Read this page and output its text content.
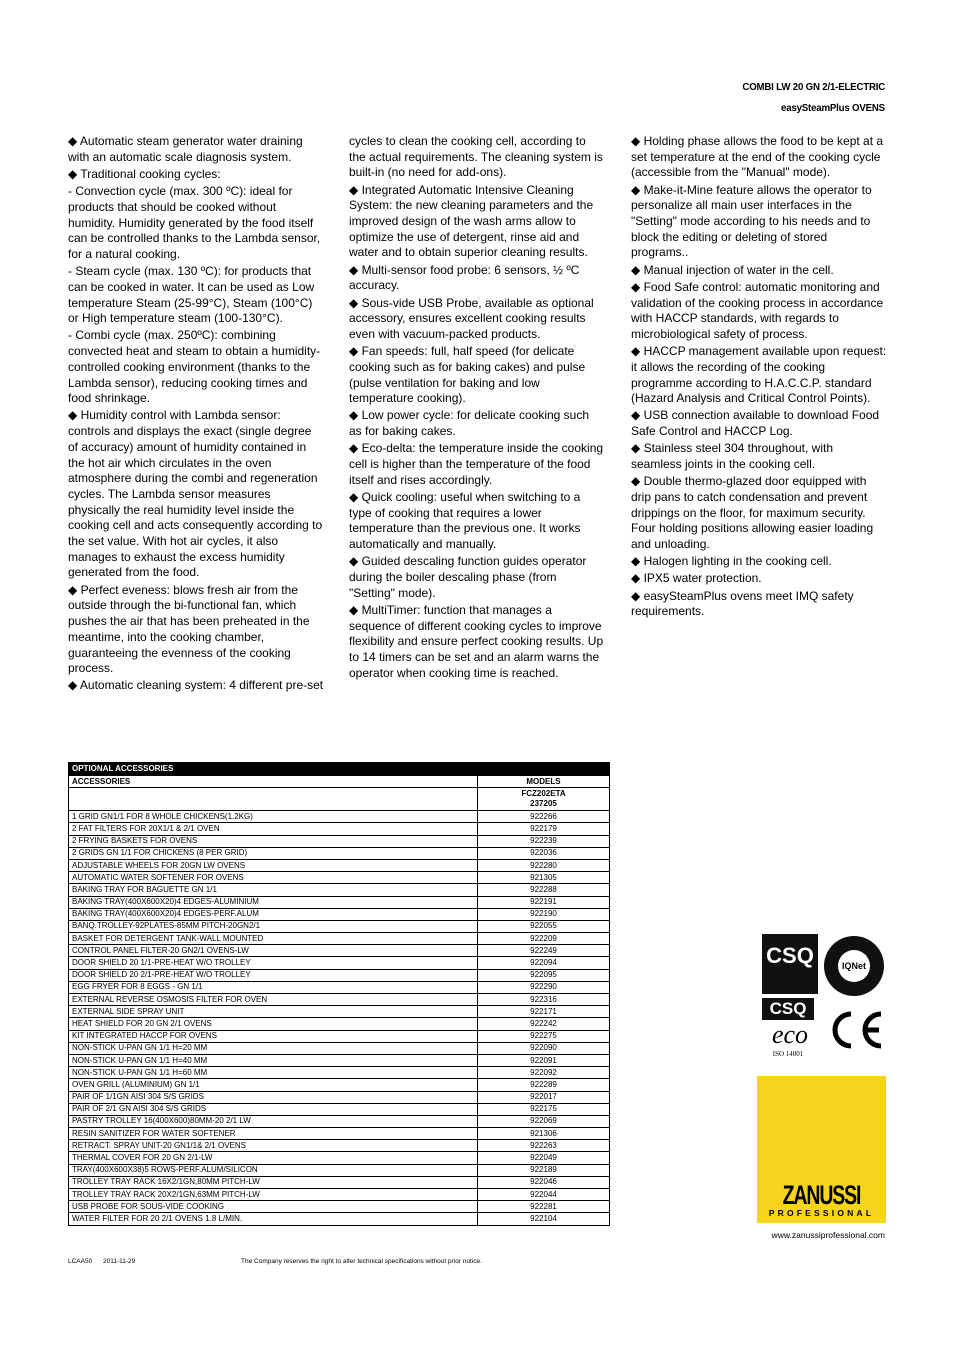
COMBI LW 20 GN 2/1-ELECTRIC
easySteamPlus OVENS

◆ Automatic steam generator water draining with an automatic scale diagnosis system.

◆ Traditional cooking cycles:

- Convection cycle (max. 300 ºC): ideal for products that should be cooked without humidity. Humidity generated by the food itself can be controlled thanks to the Lambda sensor, for a natural cooking.

- Steam cycle (max. 130 ºC): for products that can be cooked in water. It can be used as Low temperature Steam (25-99°C), Steam (100°C) or High temperature steam (100-130°C).

- Combi cycle (max. 250ºC): combining convected heat and steam to obtain a humidity-controlled cooking environment (thanks to the Lambda sensor), reducing cooking times and food shrinkage.

◆ Humidity control with Lambda sensor: controls and displays the exact (single degree of accuracy) amount of humidity contained in the hot air which circulates in the oven atmosphere during the combi and regeneration cycles. The Lambda sensor measures physically the real humidity level inside the cooking cell and acts consequently according to the set value. With hot air cycles, it also manages to exhaust the excess humidity generated from the food.

◆ Perfect eveness: blows fresh air from the outside through the bi-functional fan, which pushes the air that has been preheated in the meantime, into the cooking chamber, guaranteeing the evenness of the cooking process.

◆ Automatic cleaning system: 4 different pre-set

cycles to clean the cooking cell, according to the actual requirements. The cleaning system is built-in (no need for add-ons).

◆ Integrated Automatic Intensive Cleaning System: the new cleaning parameters and the improved design of the wash arms allow to optimize the use of detergent, rinse aid and water and to obtain superior cleaning results.

◆ Multi-sensor food probe: 6 sensors, ½ ºC accuracy.

◆ Sous-vide USB Probe, available as optional accessory, ensures excellent cooking results even with vacuum-packed products.

◆ Fan speeds: full, half speed (for delicate cooking such as for baking cakes) and pulse (pulse ventilation for baking and low temperature cooking).

◆ Low power cycle: for delicate cooking such as for baking cakes.

◆ Eco-delta: the temperature inside the cooking cell is higher than the temperature of the food itself and rises accordingly.

◆ Quick cooling: useful when switching to a type of cooking that requires a lower temperature than the previous one. It works automatically and manually.

◆ Guided descaling function guides operator during the boiler descaling phase (from "Setting" mode).

◆ MultiTimer: function that manages a sequence of different cooking cycles to improve flexibility and ensure perfect cooking results. Up to 14 timers can be set and an alarm warns the operator when cooking time is reached.

◆ Holding phase allows the food to be kept at a set temperature at the end of the cooking cycle (accessible from the "Manual" mode).

◆ Make-it-Mine feature allows the operator to personalize all main user interfaces in the "Setting" mode according to his needs and to block the editing or deleting of stored programs..

◆ Manual injection of water in the cell.

◆ Food Safe control: automatic monitoring and validation of the cooking process in accordance with HACCP standards, with regards to microbiological safety of process.

◆ HACCP management available upon request: it allows the recording of the cooking programme according to H.A.C.C.P. standard (Hazard Analysis and Critical Control Points).

◆ USB connection available to download Food Safe Control and HACCP Log.

◆ Stainless steel 304 throughout, with seamless joints in the cooking cell.

◆ Double thermo-glazed door equipped with drip pans to catch condensation and prevent drippings on the floor, for maximum security. Four holding positions allowing easier loading and unloading.

◆ Halogen lighting in the cooking cell.

◆ IPX5 water protection.

◆ easySteamPlus ovens meet IMQ safety requirements.

OPTIONAL ACCESSORIES	
ACCESSORIES	MODELS

	FCZ202ETA
237205

1 GRID GN1/1 FOR 8 WHOLE CHICKENS(1.2KG)	922266
2 FAT FILTERS FOR 20X1/1 & 2/1 OVEN	922179
2 FRYING BASKETS FOR OVENS	922239
2 GRIDS GN 1/1 FOR CHICKENS (8 PER GRID)	922036
ADJUSTABLE WHEELS FOR 20GN LW OVENS	922280
AUTOMATIC WATER SOFTENER FOR OVENS	921305
BAKING TRAY FOR BAGUETTE GN 1/1	922288
BAKING TRAY(400X600X20)4 EDGES-ALUMINIUM	922191
BAKING TRAY(400X600X20)4 EDGES-PERF.ALUM	922190
BANQ.TROLLEY-92PLATES-85MM PITCH-20GN2/1	922055
BASKET FOR DETERGENT TANK-WALL MOUNTED	922209
CONTROL PANEL FILTER-20 GN2/1 OVENS-LW	922249
DOOR SHIELD 20 1/1-PRE-HEAT W/O TROLLEY	922094
DOOR SHIELD 20 2/1-PRE-HEAT W/O TROLLEY	922095
EGG FRYER FOR 8 EGGS - GN 1/1	922290
EXTERNAL REVERSE OSMOSIS FILTER FOR OVEN	922316
EXTERNAL SIDE SPRAY UNIT	922171
HEAT SHIELD FOR 20 GN 2/1 OVENS	922242
KIT INTEGRATED HACCP FOR OVENS	922275
NON-STICK U-PAN GN 1/1 H=20 MM	922090
NON-STICK U-PAN GN 1/1 H=40 MM	922091
NON-STICK U-PAN GN 1/1 H=60 MM	922092
OVEN GRILL (ALUMINIUM) GN 1/1	922289
PAIR OF 1/1GN AISI 304 S/S GRIDS	922017
PAIR OF 2/1 GN AISI 304 S/S GRIDS	922175
PASTRY TROLLEY 16(400X600)80MM-20 2/1 LW	922069
RESIN SANITIZER FOR WATER SOFTENER	921306
RETRACT. SPRAY UNIT-20 GN1/1& 2/1 OVENS	922263
THERMAL COVER FOR 20 GN 2/1-LW	922049
TRAY(400X600X38)5 ROWS-PERF.ALUM/SILICON	922189
TROLLEY TRAY RACK 16X2/1GN,80MM PITCH-LW	922046
TROLLEY TRAY RACK 20X2/1GN,63MM PITCH-LW	922044
USB PROBE FOR SOUS-VIDE COOKING	922281
WATER FILTER FOR 20 2/1 OVENS 1.8 L/MIN.	922104
CSQ	IQNet
CSQ
eco
ISO 14001
ZANUSSI
PROFESSIONAL
www.zanussiprofessional.com
LCAA50 2011-11-29	The Company reserves the right to alter technical specifications without prior notice.
